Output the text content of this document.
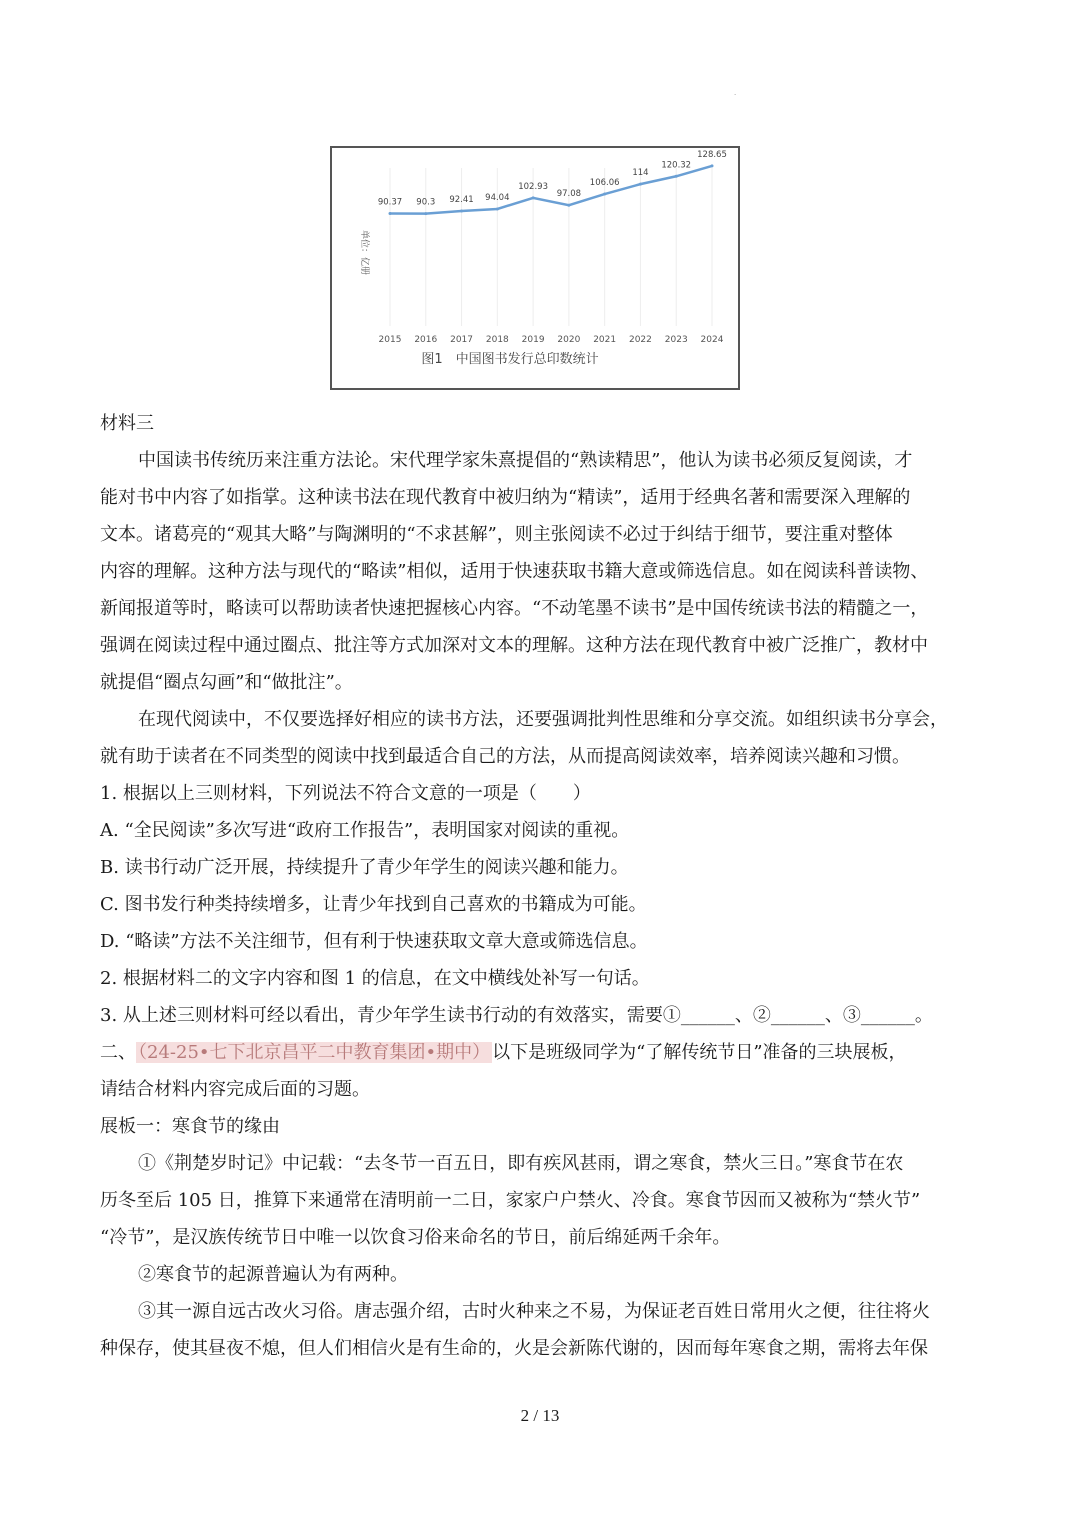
·
90.37 90.3 92.41 94.04
102.93
97.08
106.06
114
120.32
128.65
2015 2016 2017 2018 2019 2020 2021 2022 2023 2024
单位：亿册
图1　中国图书发行总印数统计
材料三
中国读书传统历来注重方法论。宋代理学家朱熹提倡的“熟读精思”，他认为读书必须反复阅读，才
能对书中内容了如指掌。这种读书法在现代教育中被归纳为“精读”，适用于经典名著和需要深入理解的
文本。诸葛亮的“观其大略”与陶渊明的“不求甚解”，则主张阅读不必过于纠结于细节，要注重对整体
内容的理解。这种方法与现代的“略读”相似，适用于快速获取书籍大意或筛选信息。如在阅读科普读物、
新闻报道等时，略读可以帮助读者快速把握核心内容。“不动笔墨不读书”是中国传统读书法的精髓之一，
强调在阅读过程中通过圈点、批注等方式加深对文本的理解。这种方法在现代教育中被广泛推广，教材中
就提倡“圈点勾画”和“做批注”。
在现代阅读中，不仅要选择好相应的读书方法，还要强调批判性思维和分享交流。如组织读书分享会，
就有助于读者在不同类型的阅读中找到最适合自己的方法，从而提高阅读效率，培养阅读兴趣和习惯。
1. 根据以上三则材料，下列说法不符合文意的一项是（　　）
A. “全民阅读”多次写进“政府工作报告”，表明国家对阅读的重视。
B. 读书行动广泛开展，持续提升了青少年学生的阅读兴趣和能力。
C. 图书发行种类持续增多，让青少年找到自己喜欢的书籍成为可能。
D. “略读”方法不关注细节，但有利于快速获取文章大意或筛选信息。
2. 根据材料二的文字内容和图 1 的信息，在文中横线处补写一句话。
3. 从上述三则材料可经以看出，青少年学生读书行动的有效落实，需要①______、②______、③______。
二、 （24-25•七下北京昌平二中教育集团•期中） 以下是班级同学为“了解传统节日”准备的三块展板，
请结合材料内容完成后面的习题。
展板一：寒食节的缘由
①《荆楚岁时记》中记载：“去冬节一百五日，即有疾风甚雨，谓之寒食，禁火三日。”寒食节在农
历冬至后 105 日，推算下来通常在清明前一二日，家家户户禁火、冷食。寒食节因而又被称为“禁火节”
“冷节”，是汉族传统节日中唯一以饮食习俗来命名的节日，前后绵延两千余年。
②寒食节的起源普遍认为有两种。
③其一源自远古改火习俗。唐志强介绍，古时火种来之不易，为保证老百姓日常用火之便，往往将火
种保存，使其昼夜不熄，但人们相信火是有生命的，火是会新陈代谢的，因而每年寒食之期，需将去年保
2 / 13
